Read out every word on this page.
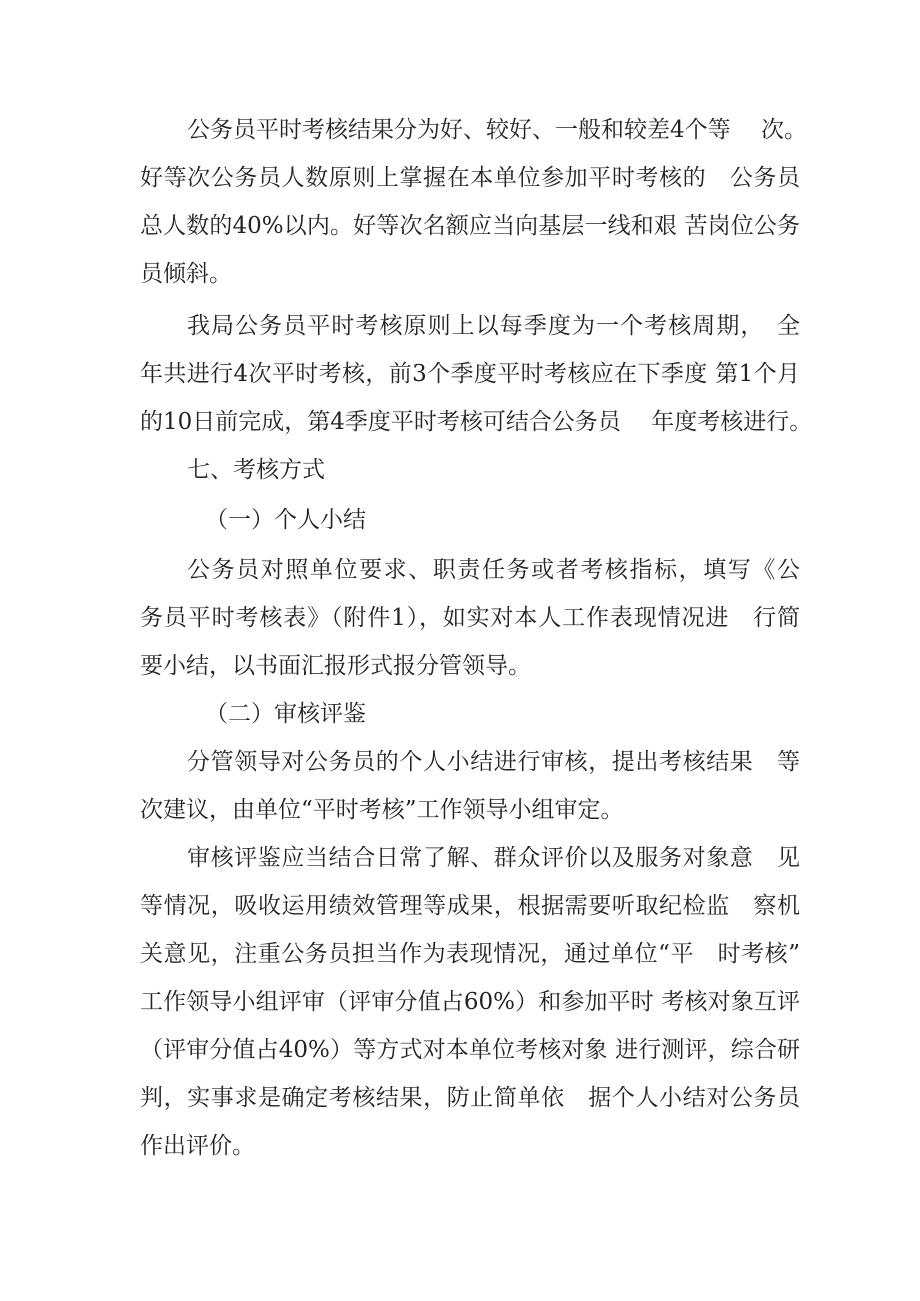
公务员平时考核结果分为好、较好、一般和较差4个等　 次。
好等次公务员人数原则上掌握在本单位参加平时考核的　公务员
总人数的40%以内。好等次名额应当向基层一线和艰 苦岗位公务
员倾斜。
我局公务员平时考核原则上以每季度为一个考核周期，　全
年共进行4次平时考核，前3个季度平时考核应在下季度 第1个月
的10日前完成，第4季度平时考核可结合公务员　 年度考核进行。
七、考核方式
（一）个人小结
公务员对照单位要求、职责任务或者考核指标，填写《公
务员平时考核表》（附件1），如实对本人工作表现情况进　行简
要小结，以书面汇报形式报分管领导。
（二）审核评鉴
分管领导对公务员的个人小结进行审核，提出考核结果　等
次建议，由单位“平时考核”工作领导小组审定。
审核评鉴应当结合日常了解、群众评价以及服务对象意　见
等情况，吸收运用绩效管理等成果，根据需要听取纪检监　察机
关意见，注重公务员担当作为表现情况，通过单位“平　时考核”
工作领导小组评审（评审分值占60%）和参加平时 考核对象互评
（评审分值占40%）等方式对本单位考核对象 进行测评，综合研
判，实事求是确定考核结果，防止简单依　据个人小结对公务员
作出评价。
